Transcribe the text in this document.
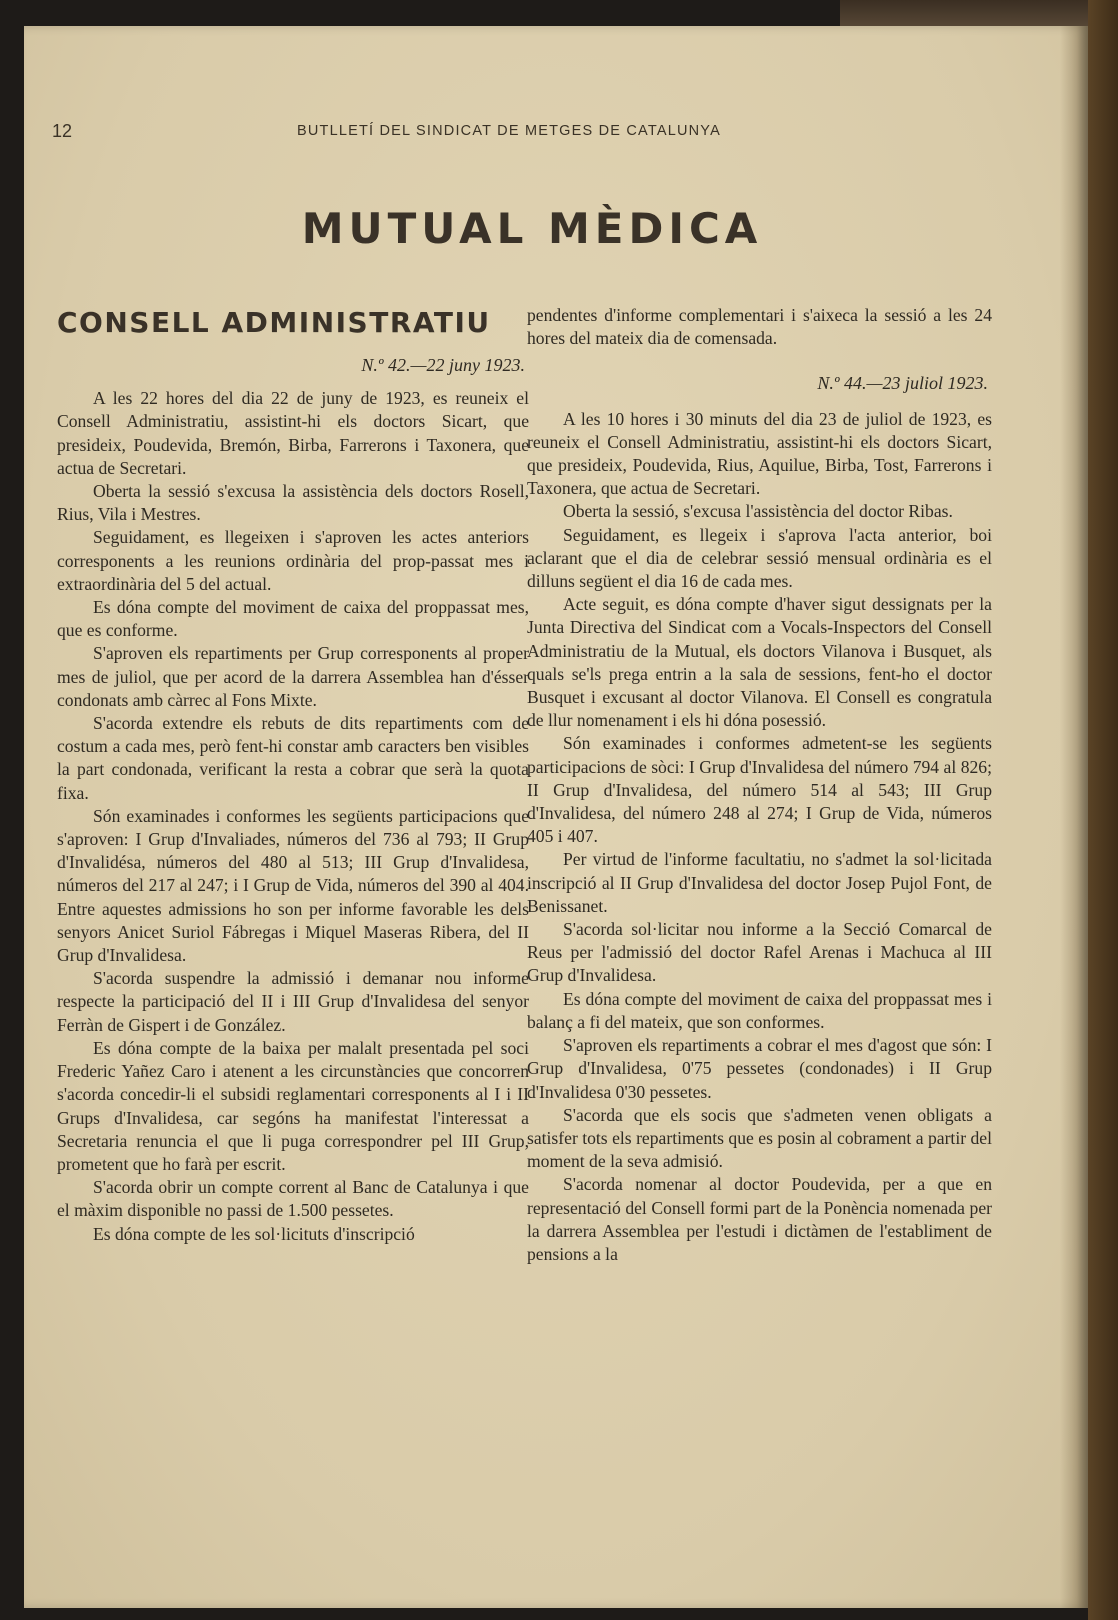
12	BUTLLETÍ DEL SINDICAT DE METGES DE CATALUNYA
MUTUAL MÈDICA
CONSELL ADMINISTRATIU
N.º 42.—22 juny 1923.

A les 22 hores del dia 22 de juny de 1923, es reuneix el Consell Administratiu, assistint-hi els doctors Sicart, que presideix, Poudevida, Bremón, Birba, Farrerons i Taxonera, que actua de Secretari.

Oberta la sessió s'excusa la assistència dels doctors Rosell, Rius, Vila i Mestres.

Seguidament, es llegeixen i s'aproven les actes anteriors corresponents a les reunions ordinària del prop-passat mes i extraordinària del 5 del actual.

Es dóna compte del moviment de caixa del proppassat mes, que es conforme.

S'aproven els repartiments per Grup corresponents al proper mes de juliol, que per acord de la darrera Assemblea han d'ésser condonats amb càrrec al Fons Mixte.

S'acorda extendre els rebuts de dits repartiments com de costum a cada mes, però fent-hi constar amb caracters ben visibles la part condonada, verificant la resta a cobrar que serà la quota fixa.

Són examinades i conformes les següents participacions que s'aproven: I Grup d'Invaliades, números del 736 al 793; II Grup d'Invalidésa, números del 480 al 513; III Grup d'Invalidesa, números del 217 al 247; i I Grup de Vida, números del 390 al 404. Entre aquestes admissions ho son per informe favorable les dels senyors Anicet Suriol Fábregas i Miquel Maseras Ribera, del II Grup d'Invalidesa.

S'acorda suspendre la admissió i demanar nou informe respecte la participació del II i III Grup d'Invalidesa del senyor Ferràn de Gispert i de González.

Es dóna compte de la baixa per malalt presentada pel soci Frederic Yañez Caro i atenent a les circunstàncies que concorren s'acorda concedir-li el subsidi reglamentari corresponents al I i II Grups d'Invalidesa, car segóns ha manifestat l'interessat a Secretaria renuncia el que li puga correspondrer pel III Grup, prometent que ho farà per escrit.

S'acorda obrir un compte corrent al Banc de Catalunya i que el màxim disponible no passi de 1.500 pessetes.

Es dóna compte de les sol·licituts d'inscripció

pendentes d'informe complementari i s'aixeca la sessió a les 24 hores del mateix dia de comensada.

N.º 44.—23 juliol 1923.

A les 10 hores i 30 minuts del dia 23 de juliol de 1923, es reuneix el Consell Administratiu, assistint-hi els doctors Sicart, que presideix, Poudevida, Rius, Aquilue, Birba, Tost, Farrerons i Taxonera, que actua de Secretari.

Oberta la sessió, s'excusa l'assistència del doctor Ribas.

Seguidament, es llegeix i s'aprova l'acta anterior, boi aclarant que el dia de celebrar sessió mensual ordinària es el dilluns següent el dia 16 de cada mes.

Acte seguit, es dóna compte d'haver sigut dessignats per la Junta Directiva del Sindicat com a Vocals-Inspectors del Consell Administratiu de la Mutual, els doctors Vilanova i Busquet, als quals se'ls prega entrin a la sala de sessions, fent-ho el doctor Busquet i excusant al doctor Vilanova. El Consell es congratula de llur nomenament i els hi dóna posessió.

Són examinades i conformes admetent-se les següents participacions de sòci: I Grup d'Invalidesa del número 794 al 826; II Grup d'Invalidesa, del número 514 al 543; III Grup d'Invalidesa, del número 248 al 274; I Grup de Vida, números 405 i 407.

Per virtud de l'informe facultatiu, no s'admet la sol·licitada inscripció al II Grup d'Invalidesa del doctor Josep Pujol Font, de Benissanet.

S'acorda sol·licitar nou informe a la Secció Comarcal de Reus per l'admissió del doctor Rafel Arenas i Machuca al III Grup d'Invalidesa.

Es dóna compte del moviment de caixa del proppassat mes i balanç a fi del mateix, que son conformes.

S'aproven els repartiments a cobrar el mes d'agost que són: I Grup d'Invalidesa, 0'75 pessetes (condonades) i II Grup d'Invalidesa 0'30 pessetes.

S'acorda que els socis que s'admeten venen obligats a satisfer tots els repartiments que es posin al cobrament a partir del moment de la seva admisió.

S'acorda nomenar al doctor Poudevida, per a que en representació del Consell formi part de la Ponència nomenada per la darrera Assemblea per l'estudi i dictàmen de l'establiment de pensions a la
